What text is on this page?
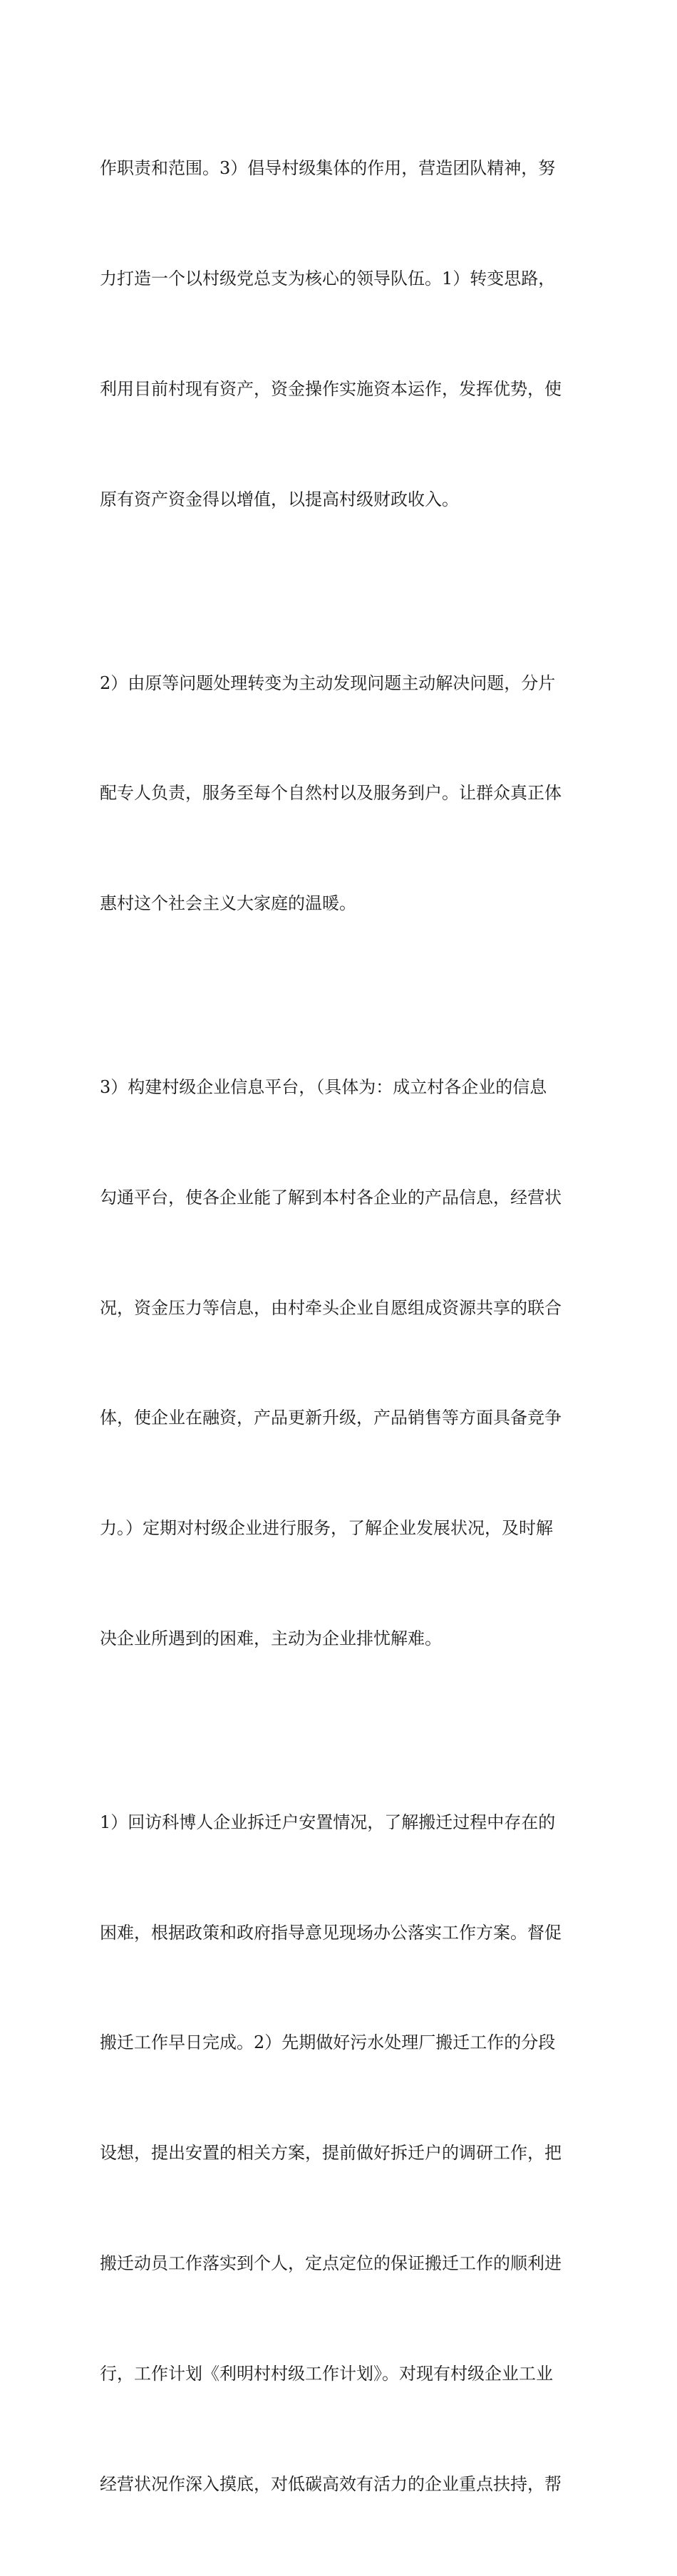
作职责和范围。3）倡导村级集体的作用，营造团队精神，努

力打造一个以村级党总支为核心的领导队伍。1）转变思路，

利用目前村现有资产，资金操作实施资本运作，发挥优势，使

原有资产资金得以增值，以提高村级财政收入。

2）由原等问题处理转变为主动发现问题主动解决问题，分片

配专人负责，服务至每个自然村以及服务到户。让群众真正体

惠村这个社会主义大家庭的温暖。

3）构建村级企业信息平台，（具体为：成立村各企业的信息

勾通平台，使各企业能了解到本村各企业的产品信息，经营状

况，资金压力等信息，由村牵头企业自愿组成资源共享的联合

体，使企业在融资，产品更新升级，产品销售等方面具备竞争

力。）定期对村级企业进行服务，了解企业发展状况，及时解

决企业所遇到的困难，主动为企业排忧解难。

1）回访科博人企业拆迁户安置情况，了解搬迁过程中存在的

困难，根据政策和政府指导意见现场办公落实工作方案。督促

搬迁工作早日完成。2）先期做好污水处理厂搬迁工作的分段

设想，提出安置的相关方案，提前做好拆迁户的调研工作，把

搬迁动员工作落实到个人，定点定位的保证搬迁工作的顺利进

行，工作计划《利明村村级工作计划》。对现有村级企业工业

经营状况作深入摸底，对低碳高效有活力的企业重点扶持，帮
